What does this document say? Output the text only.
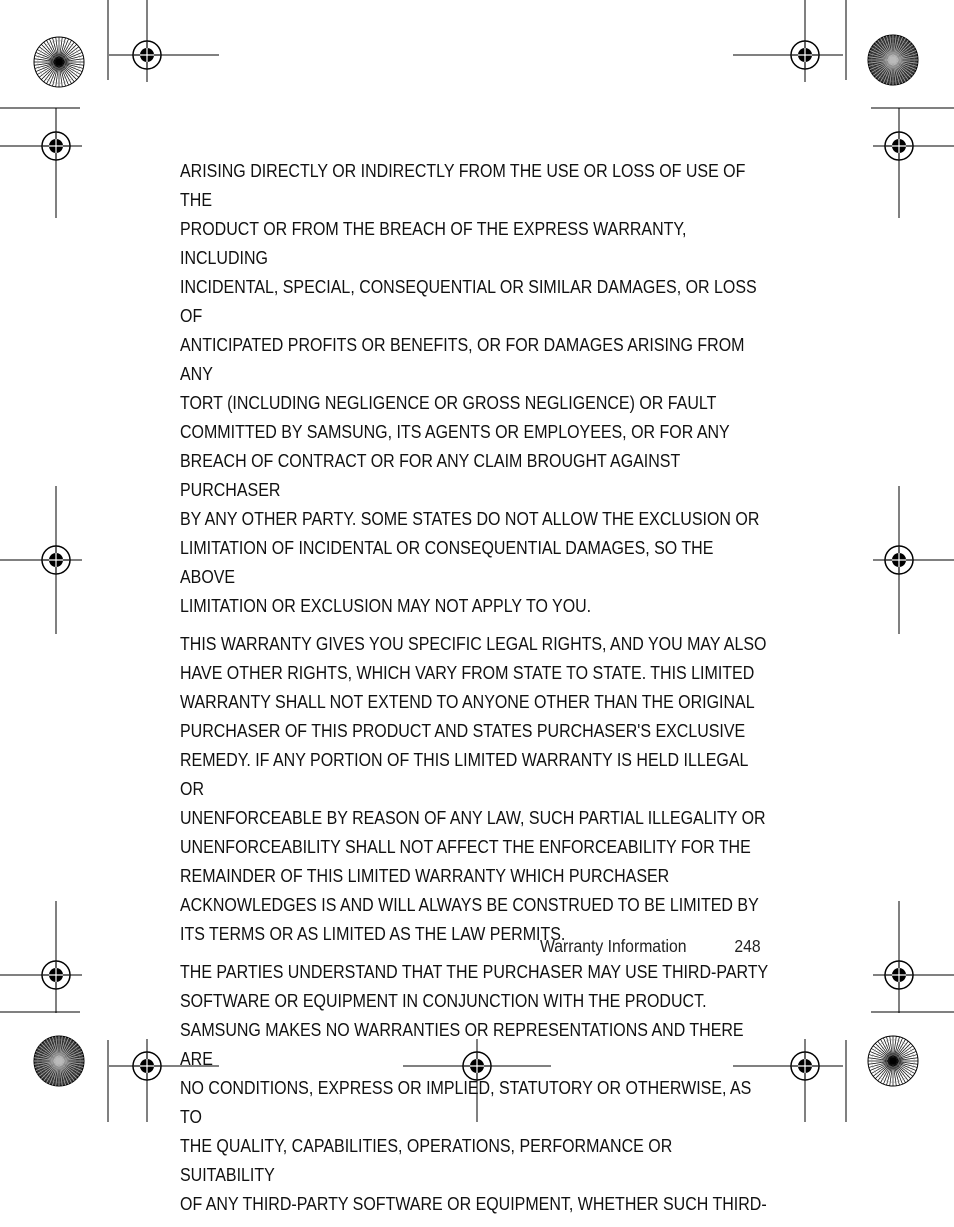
ARISING DIRECTLY OR INDIRECTLY FROM THE USE OR LOSS OF USE OF THE
PRODUCT OR FROM THE BREACH OF THE EXPRESS WARRANTY, INCLUDING
INCIDENTAL, SPECIAL, CONSEQUENTIAL OR SIMILAR DAMAGES, OR LOSS OF
ANTICIPATED PROFITS OR BENEFITS, OR FOR DAMAGES ARISING FROM ANY
TORT (INCLUDING NEGLIGENCE OR GROSS NEGLIGENCE) OR FAULT
COMMITTED BY SAMSUNG, ITS AGENTS OR EMPLOYEES, OR FOR ANY
BREACH OF CONTRACT OR FOR ANY CLAIM BROUGHT AGAINST PURCHASER
BY ANY OTHER PARTY. SOME STATES DO NOT ALLOW THE EXCLUSION OR
LIMITATION OF INCIDENTAL OR CONSEQUENTIAL DAMAGES, SO THE ABOVE
LIMITATION OR EXCLUSION MAY NOT APPLY TO YOU.

THIS WARRANTY GIVES YOU SPECIFIC LEGAL RIGHTS, AND YOU MAY ALSO
HAVE OTHER RIGHTS, WHICH VARY FROM STATE TO STATE. THIS LIMITED
WARRANTY SHALL NOT EXTEND TO ANYONE OTHER THAN THE ORIGINAL
PURCHASER OF THIS PRODUCT AND STATES PURCHASER'S EXCLUSIVE
REMEDY. IF ANY PORTION OF THIS LIMITED WARRANTY IS HELD ILLEGAL OR
UNENFORCEABLE BY REASON OF ANY LAW, SUCH PARTIAL ILLEGALITY OR
UNENFORCEABILITY SHALL NOT AFFECT THE ENFORCEABILITY FOR THE
REMAINDER OF THIS LIMITED WARRANTY WHICH PURCHASER
ACKNOWLEDGES IS AND WILL ALWAYS BE CONSTRUED TO BE LIMITED BY
ITS TERMS OR AS LIMITED AS THE LAW PERMITS.

THE PARTIES UNDERSTAND THAT THE PURCHASER MAY USE THIRD-PARTY
SOFTWARE OR EQUIPMENT IN CONJUNCTION WITH THE PRODUCT.
SAMSUNG MAKES NO WARRANTIES OR REPRESENTATIONS AND THERE ARE
NO CONDITIONS, EXPRESS OR IMPLIED, STATUTORY OR OTHERWISE, AS TO
THE QUALITY, CAPABILITIES, OPERATIONS, PERFORMANCE OR SUITABILITY
OF ANY THIRD-PARTY SOFTWARE OR EQUIPMENT, WHETHER SUCH THIRD-

Warranty Information	248
